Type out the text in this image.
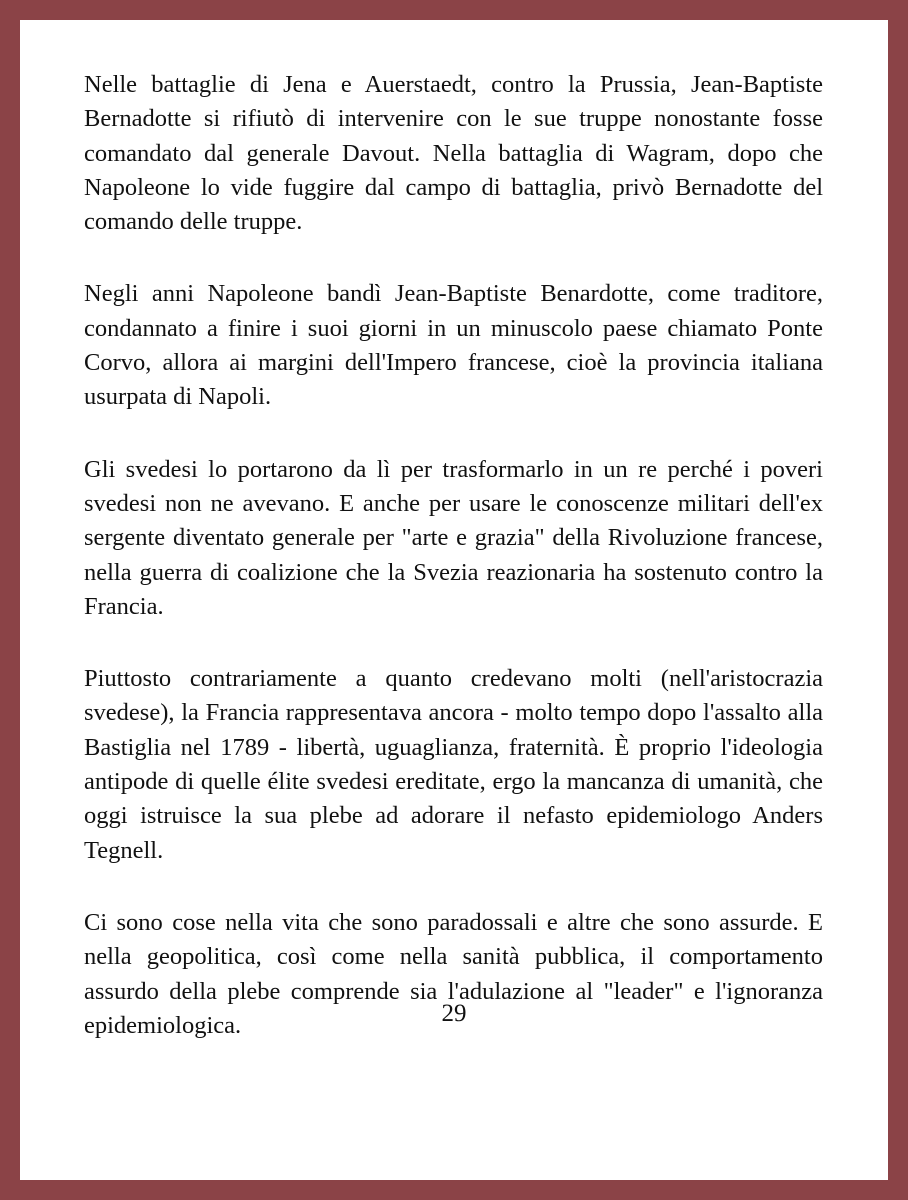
Nelle battaglie di Jena e Auerstaedt, contro la Prussia, Jean-Baptiste Bernadotte si rifiutò di intervenire con le sue truppe nonostante fosse comandato dal generale Davout. Nella battaglia di Wagram, dopo che Napoleone lo vide fuggire dal campo di battaglia, privò Bernadotte del comando delle truppe.

Negli anni Napoleone bandì Jean-Baptiste Benardotte, come traditore, condannato a finire i suoi giorni in un minuscolo paese chiamato Ponte Corvo, allora ai margini dell'Impero francese, cioè la provincia italiana usurpata di Napoli.

Gli svedesi lo portarono da lì per trasformarlo in un re perché i poveri svedesi non ne avevano. E anche per usare le conoscenze militari dell'ex sergente diventato generale per "arte e grazia" della Rivoluzione francese, nella guerra di coalizione che la Svezia reazionaria ha sostenuto contro la Francia.

Piuttosto contrariamente a quanto credevano molti (nell'aristocrazia svedese), la Francia rappresentava ancora - molto tempo dopo l'assalto alla Bastiglia nel 1789 - libertà, uguaglianza, fraternità. È proprio l'ideologia antipode di quelle élite svedesi ereditate, ergo la mancanza di umanità, che oggi istruisce la sua plebe ad adorare il nefasto epidemiologo Anders Tegnell.

Ci sono cose nella vita che sono paradossali e altre che sono assurde. E nella geopolitica, così come nella sanità pubblica, il comportamento assurdo della plebe comprende sia l'adulazione al "leader" e l'ignoranza epidemiologica.	29
